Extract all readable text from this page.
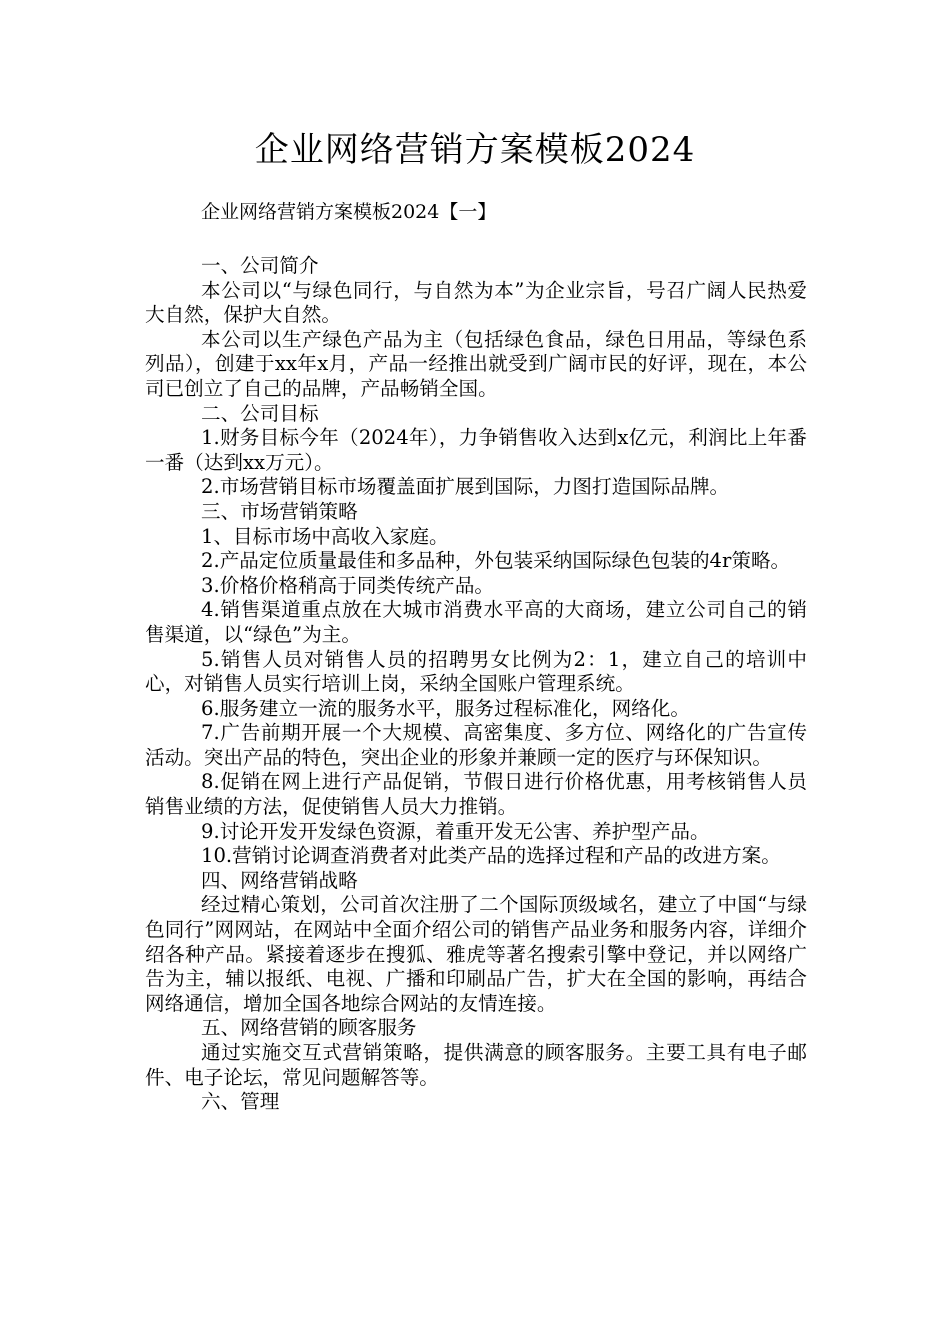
企业网络营销方案模板2024
企业网络营销方案模板2024【一】

一、公司简介

本公司以“与绿色同行，与自然为本”为企业宗旨，号召广阔人民热爱大自然，保护大自然。

本公司以生产绿色产品为主（包括绿色食品，绿色日用品，等绿色系列品），创建于xx年x月，产品一经推出就受到广阔市民的好评，现在，本公司已创立了自己的品牌，产品畅销全国。

二、公司目标

1.财务目标今年（2024年），力争销售收入达到x亿元，利润比上年番一番（达到xx万元）。

2.市场营销目标市场覆盖面扩展到国际，力图打造国际品牌。

三、市场营销策略

1、目标市场中高收入家庭。

2.产品定位质量最佳和多品种，外包装采纳国际绿色包装的4r策略。

3.价格价格稍高于同类传统产品。

4.销售渠道重点放在大城市消费水平高的大商场，建立公司自己的销售渠道，以“绿色”为主。

5.销售人员对销售人员的招聘男女比例为2：1，建立自己的培训中心，对销售人员实行培训上岗，采纳全国账户管理系统。

6.服务建立一流的服务水平，服务过程标准化，网络化。

7.广告前期开展一个大规模、高密集度、多方位、网络化的广告宣传活动。突出产品的特色，突出企业的形象并兼顾一定的医疗与环保知识。

8.促销在网上进行产品促销，节假日进行价格优惠，用考核销售人员销售业绩的方法，促使销售人员大力推销。

9.讨论开发开发绿色资源，着重开发无公害、养护型产品。

10.营销讨论调查消费者对此类产品的选择过程和产品的改进方案。

四、网络营销战略

经过精心策划，公司首次注册了二个国际顶级域名，建立了中国“与绿色同行”网网站，在网站中全面介绍公司的销售产品业务和服务内容，详细介绍各种产品。紧接着逐步在搜狐、雅虎等著名搜索引擎中登记，并以网络广告为主，辅以报纸、电视、广播和印刷品广告，扩大在全国的影响，再结合网络通信，增加全国各地综合网站的友情连接。

五、网络营销的顾客服务

通过实施交互式营销策略，提供满意的顾客服务。主要工具有电子邮件、电子论坛，常见问题解答等。

六、管理
